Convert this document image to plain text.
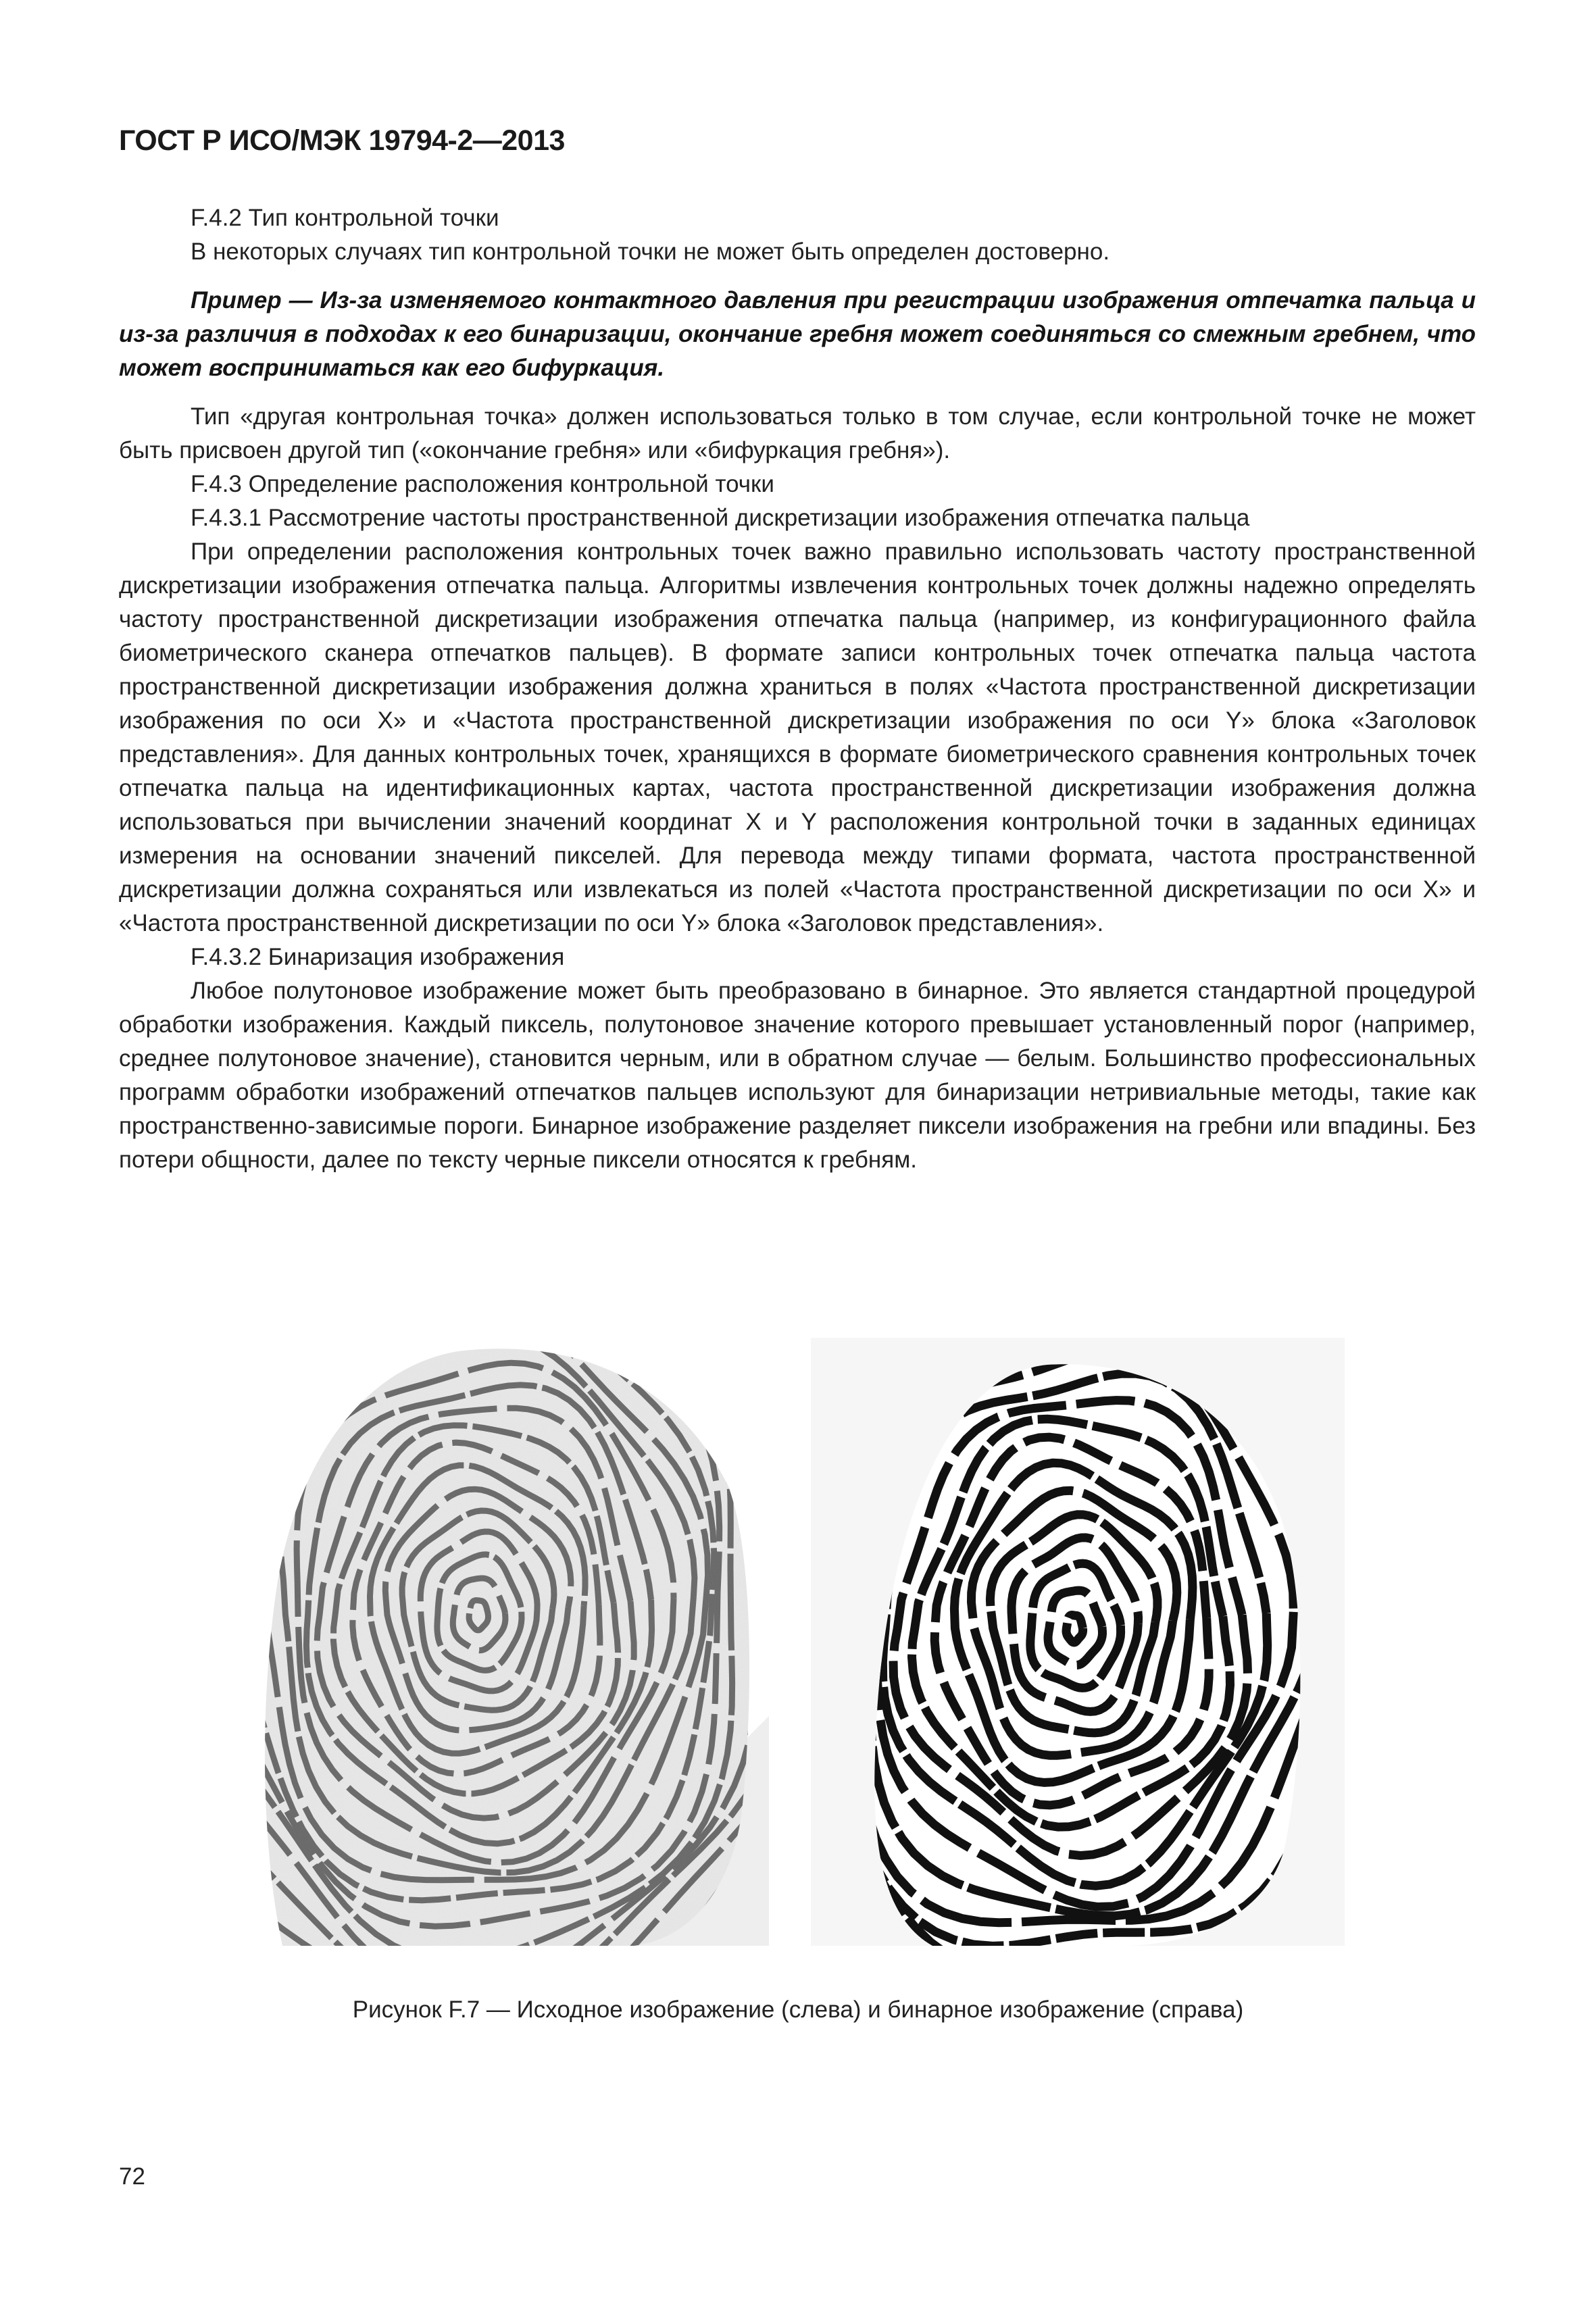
ГОСТ Р ИСО/МЭК 19794-2—2013

F.4.2 Тип контрольной точки

В некоторых случаях тип контрольной точки не может быть определен достоверно.

Пример — Из-за изменяемого контактного давления при регистрации изображения отпечатка пальца и из-за различия в подходах к его бинаризации, окончание гребня может соединяться со смежным гребнем, что может восприниматься как его бифуркация.

Тип «другая контрольная точка» должен использоваться только в том случае, если контрольной точке не может быть присвоен другой тип («окончание гребня» или «бифуркация гребня»).

F.4.3 Определение расположения контрольной точки

F.4.3.1 Рассмотрение частоты пространственной дискретизации изображения отпечатка пальца

При определении расположения контрольных точек важно правильно использовать частоту пространственной дискретизации изображения отпечатка пальца. Алгоритмы извлечения контрольных точек должны надежно определять частоту пространственной дискретизации изображения отпечатка пальца (например, из конфигурационного файла биометрического сканера отпечатков пальцев). В формате записи контрольных точек отпечатка пальца частота пространственной дискретизации изображения должна храниться в полях «Частота пространственной дискретизации изображения по оси X» и «Частота пространственной дискретизации изображения по оси Y» блока «Заголовок представления». Для данных контрольных точек, хранящихся в формате биометрического сравнения контрольных точек отпечатка пальца на идентификационных картах, частота пространственной дискретизации изображения должна использоваться при вычислении значений координат X и Y расположения контрольной точки в заданных единицах измерения на основании значений пикселей. Для перевода между типами формата, частота пространственной дискретизации должна сохраняться или извлекаться из полей «Частота пространственной дискретизации по оси X» и «Частота пространственной дискретизации по оси Y» блока «Заголовок представления».

F.4.3.2 Бинаризация изображения

Любое полутоновое изображение может быть преобразовано в бинарное. Это является стандартной процедурой обработки изображения. Каждый пиксель, полутоновое значение которого превышает установленный порог (например, среднее полутоновое значение), становится черным, или в обратном случае — белым. Большинство профессиональных программ обработки изображений отпечатков пальцев используют для бинаризации нетривиальные методы, такие как пространственно-зависимые пороги. Бинарное изображение разделяет пиксели изображения на гребни или впадины. Без потери общности, далее по тексту черные пиксели относятся к гребням.

Рисунок F.7 — Исходное изображение (слева) и бинарное изображение (справа)
72
